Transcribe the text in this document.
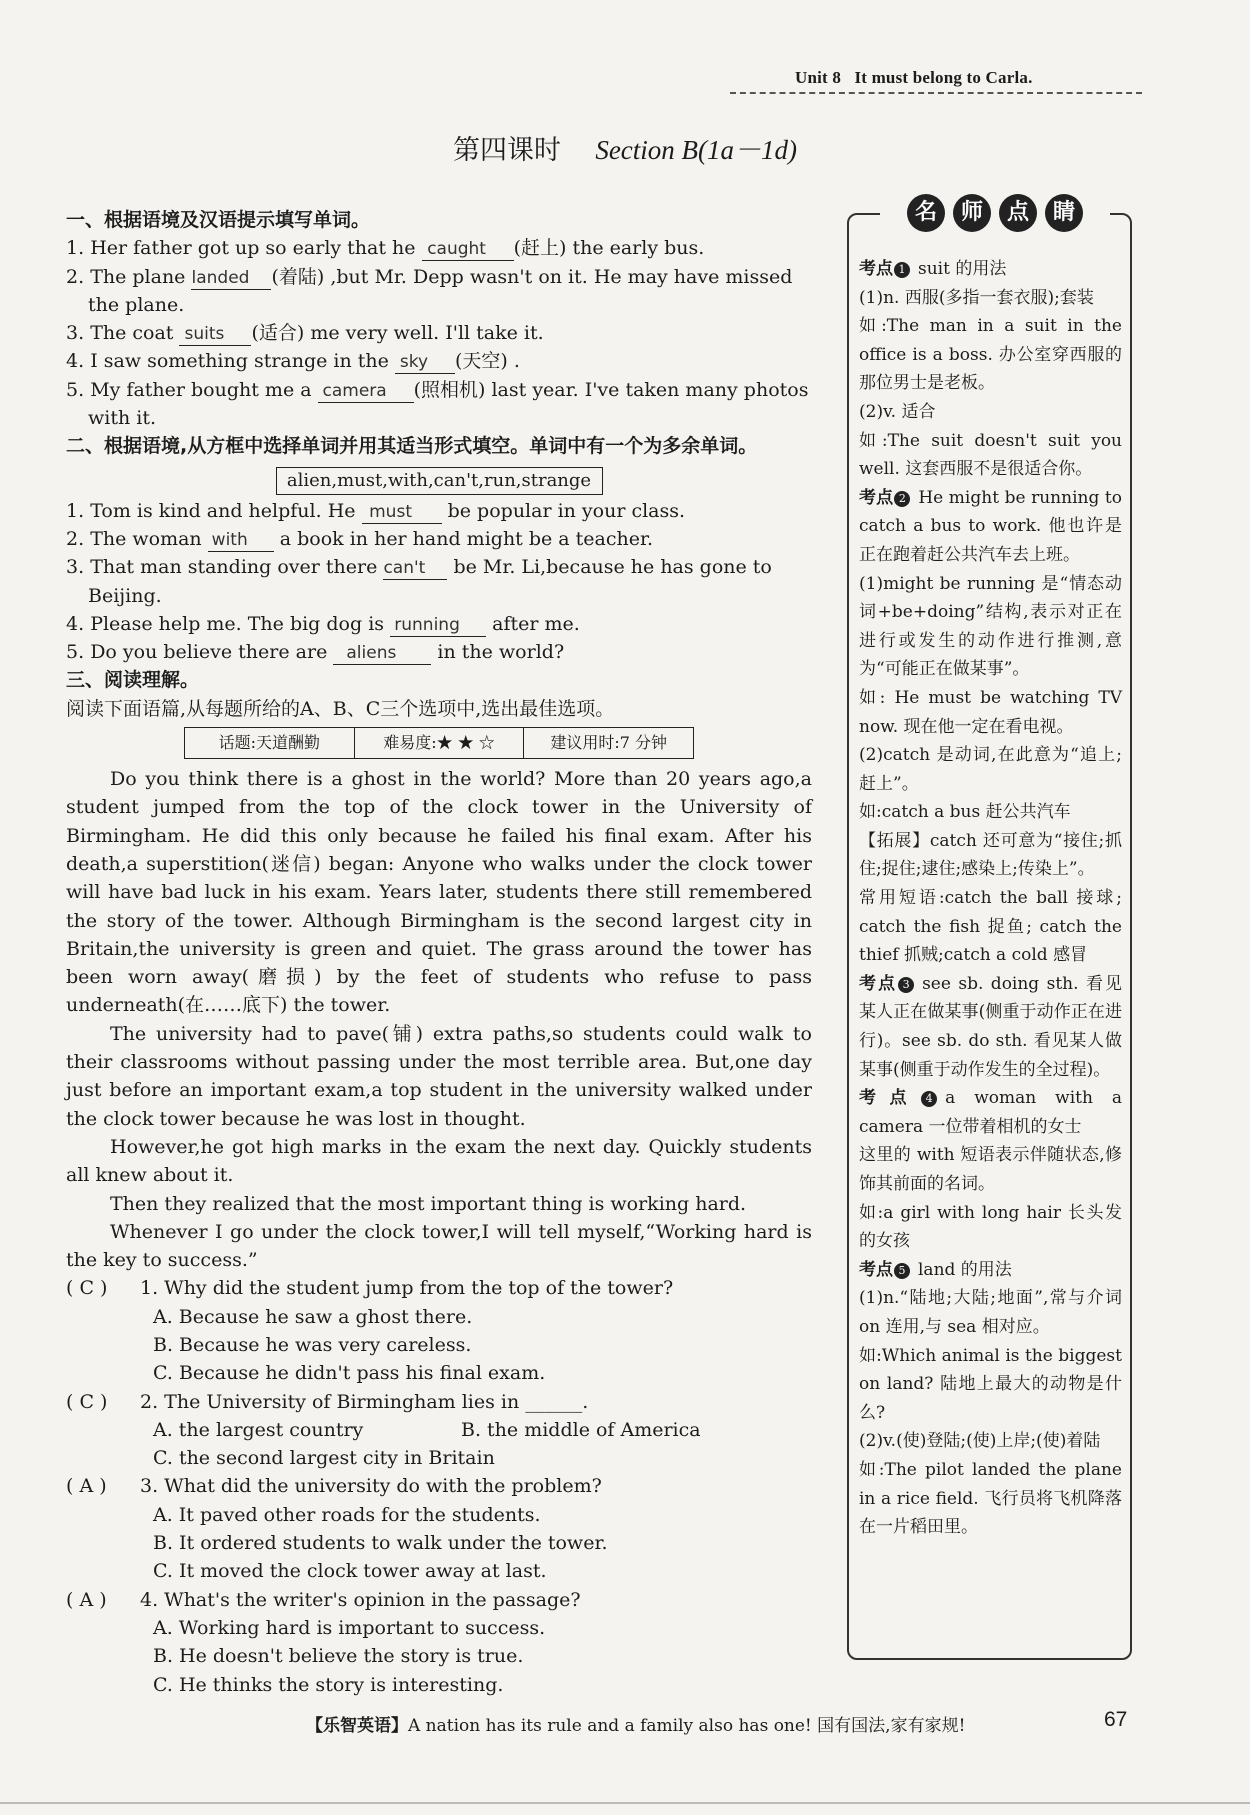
Unit 8 It must belong to Carla.
第四课时 Section B(1a－1d)

一、根据语境及汉语提示填写单词。

1. Her father got up so early that he caught (赶上) the early bus.

2. The plane landed (着陆) ,but Mr. Depp wasn't on it. He may have missed the plane.

3. The coat suits (适合) me very well. I'll take it.

4. I saw something strange in the sky (天空) .

5. My father bought me a camera (照相机) last year. I've taken many photos with it.

二、根据语境,从方框中选择单词并用其适当形式填空。单词中有一个为多余单词。

alien,must,with,can't,run,strange

1. Tom is kind and helpful. He must be popular in your class.

2. The woman with a book in her hand might be a teacher.

3. That man standing over there can't be Mr. Li,because he has gone to Beijing.

4. Please help me. The big dog is running after me.

5. Do you believe there are aliens in the world?

三、阅读理解。

阅读下面语篇,从每题所给的A、B、C三个选项中,选出最佳选项。

话题:天道酬勤	难易度:★ ★ ☆	建议用时:7 分钟

Do you think there is a ghost in the world? More than 20 years ago,a student jumped from the top of the clock tower in the University of Birmingham. He did this only because he failed his final exam. After his death,a superstition(迷信) began: Anyone who walks under the clock tower will have bad luck in his exam. Years later, students there still remembered the story of the tower. Although Birmingham is the second largest city in Britain,the university is green and quiet. The grass around the tower has been worn away(磨损) by the feet of students who refuse to pass underneath(在……底下) the tower.

The university had to pave(铺) extra paths,so students could walk to their classrooms without passing under the most terrible area. But,one day just before an important exam,a top student in the university walked under the clock tower because he was lost in thought.

However,he got high marks in the exam the next day. Quickly students all knew about it.

Then they realized that the most important thing is working hard.

Whenever I go under the clock tower,I will tell myself,“Working hard is the key to success.”

( C ) 1. Why did the student jump from the top of the tower?

A. Because he saw a ghost there.

B. Because he was very careless.

C. Because he didn't pass his final exam.

( C ) 2. The University of Birmingham lies in ______.

A. the largest country	B. the middle of America

C. the second largest city in Britain

( A ) 3. What did the university do with the problem?

A. It paved other roads for the students.

B. It ordered students to walk under the tower.

C. It moved the clock tower away at last.

( A ) 4. What's the writer's opinion in the passage?

A. Working hard is important to success.

B. He doesn't believe the story is true.

C. He thinks the story is interesting.

考点 1 suit 的用法

(1)n. 西服(多指一套衣服);套装

如:The man in a suit in the office is a boss. 办公室穿西服的那位男士是老板。

(2)v. 适合

如:The suit doesn't suit you well. 这套西服不是很适合你。

考点 2 He might be running to catch a bus to work. 他也许是正在跑着赶公共汽车去上班。

(1)might be running 是“情态动词+be+doing”结构,表示对正在进行或发生的动作进行推测,意为“可能正在做某事”。

如: He must be watching TV now. 现在他一定在看电视。

(2)catch 是动词,在此意为“追上;赶上”。

如:catch a bus 赶公共汽车

【拓展】catch 还可意为“接住;抓住;捉住;逮住;感染上;传染上”。

常用短语:catch the ball 接球; catch the fish 捉鱼; catch the thief 抓贼;catch a cold 感冒

考点 3 see sb. doing sth. 看见某人正在做某事(侧重于动作正在进行)。see sb. do sth. 看见某人做某事(侧重于动作发生的全过程)。

考点 4 a woman with a camera 一位带着相机的女士

这里的 with 短语表示伴随状态,修饰其前面的名词。

如:a girl with long hair 长头发的女孩

考点 5 land 的用法

(1)n.“陆地;大陆;地面”,常与介词 on 连用,与 sea 相对应。

如:Which animal is the biggest on land? 陆地上最大的动物是什么?

(2)v.(使)登陆;(使)上岸;(使)着陆

如:The pilot landed the plane in a rice field. 飞行员将飞机降落在一片稻田里。

名 师 点 睛
【乐智英语】A nation has its rule and a family also has one! 国有国法,家有家规!	67
